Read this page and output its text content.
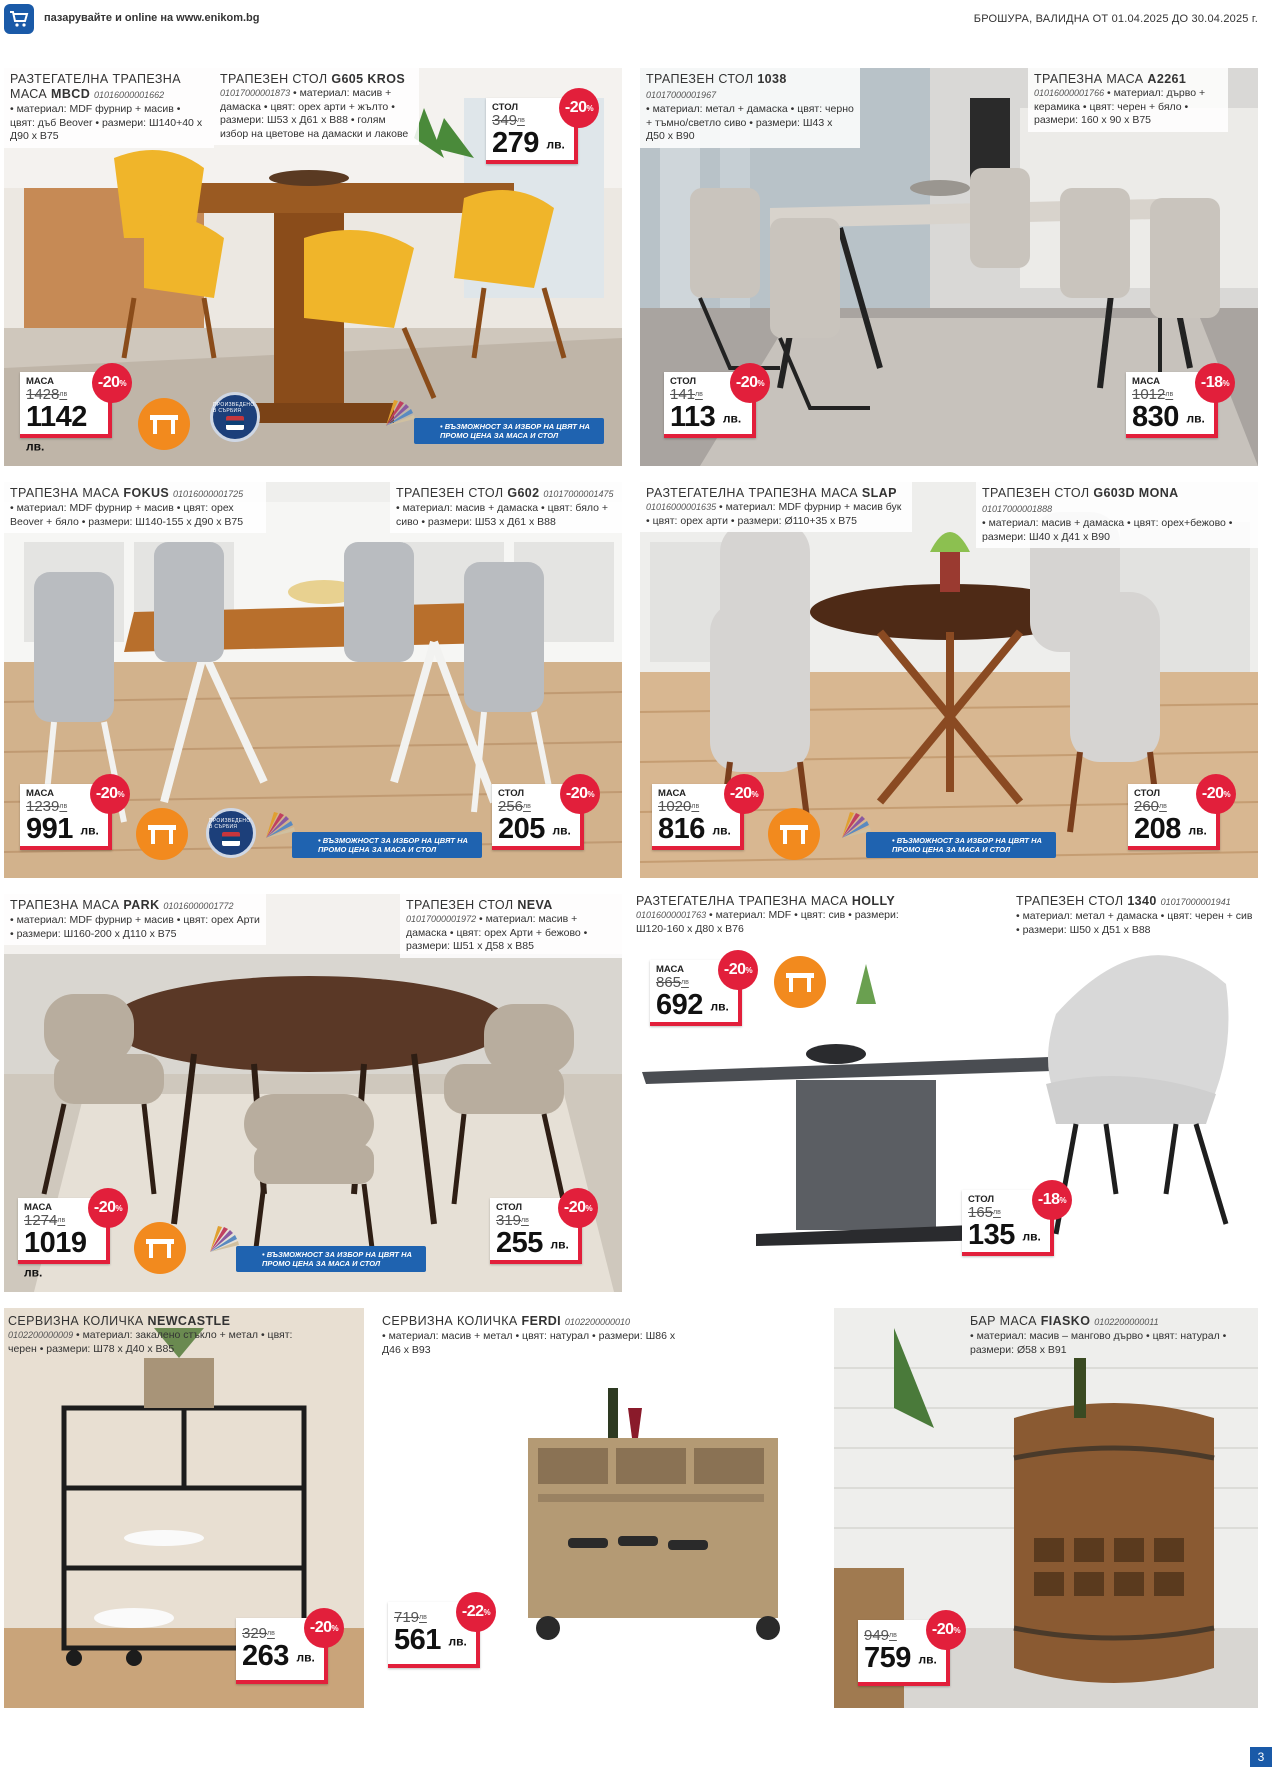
пазарувайте и online на www.enikom.bg	БРОШУРА, ВАЛИДНА ОТ 01.04.2025 ДО 30.04.2025 г.
РАЗТЕГАТЕЛНА ТРАПЕЗНА МАСА MBCD 01016000001662
• материал: MDF фурнир + масив • цвят: дъб Beover • размери: Ш140+40 х Д90 х В75
ТРАПЕЗЕН СТОЛ G605 KROS
01017000001873 • материал: масив + дамаска • цвят: орех арти + жълто • размери: Ш53 х Д61 х В88 • голям избор на цветове на дамаски и лакове
СТОЛ
$349^{лв}$
279 лв.
-20 %
МАСА
$1428^{лв}$
1142 лв.
-20 %
ПРОИЗВЕДЕНО В СЪРБИЯ
• ВЪЗМОЖНОСТ ЗА ИЗБОР НА ЦВЯТ НА ПРОМО ЦЕНА ЗА МАСА И СТОЛ
ТРАПЕЗЕН СТОЛ 1038 01017000001967
• материал: метал + дамаска • цвят: черно + тъмно/светло сиво • размери: Ш43 х Д50 х В90
ТРАПЕЗНА МАСА A2261
01016000001766 • материал: дърво + керамика • цвят: черен + бяло • размери: 160 х 90 х В75
СТОЛ
$141^{лв}$
113 лв.
-20 %	МАСА
$1012^{лв}$
830 лв.
-18 %
ТРАПЕЗНА МАСА FOKUS 01016000001725
• материал: MDF фурнир + масив • цвят: орех Beover + бяло • размери: Ш140-155 х Д90 х В75
ТРАПЕЗЕН СТОЛ G602 01017000001475
• материал: масив + дамаска • цвят: бяло + сиво • размери: Ш53 х Д61 х В88
МАСА
$1239^{лв}$
991 лв.
-20 %
ПРОИЗВЕДЕНО В СЪРБИЯ
• ВЪЗМОЖНОСТ ЗА ИЗБОР НА ЦВЯТ НА ПРОМО ЦЕНА ЗА МАСА И СТОЛ
СТОЛ
$256^{лв}$
205 лв.
-20 %
РАЗТЕГАТЕЛНА ТРАПЕЗНА МАСА SLAP
01016000001635 • материал: MDF фурнир + масив бук • цвят: орех арти • размери: Ø110+35 х В75
ТРАПЕЗЕН СТОЛ G603D MONA 01017000001888
• материал: масив + дамаска • цвят: орех+бежово • размери: Ш40 х Д41 х В90
МАСА
$1020^{лв}$
816 лв.
-20 %
• ВЪЗМОЖНОСТ ЗА ИЗБОР НА ЦВЯТ НА ПРОМО ЦЕНА ЗА МАСА И СТОЛ
СТОЛ
$260^{лв}$
208 лв.
-20 %
ТРАПЕЗНА МАСА PARK 01016000001772
• материал: MDF фурнир + масив • цвят: орех Арти • размери: Ш160-200 х Д110 х В75
ТРАПЕЗЕН СТОЛ NEVA
01017000001972 • материал: масив + дамаска • цвят: орех Арти + бежово • размери: Ш51 х Д58 х В85
МАСА
$1274^{лв}$
1019 лв.
-20 %
• ВЪЗМОЖНОСТ ЗА ИЗБОР НА ЦВЯТ НА ПРОМО ЦЕНА ЗА МАСА И СТОЛ
СТОЛ
$319^{лв}$
255 лв.
-20 %
РАЗТЕГАТЕЛНА ТРАПЕЗНА МАСА HOLLY
01016000001763 • материал: MDF • цвят: сив • размери: Ш120-160 х Д80 х В76
ТРАПЕЗЕН СТОЛ 1340 01017000001941
• материал: метал + дамаска • цвят: черен + сив • размери: Ш50 х Д51 х В88
МАСА
$865^{лв}$
692 лв.
-20 %
СТОЛ
$165^{лв}$
135 лв.
-18 %
СЕРВИЗНА КОЛИЧКА NEWCASTLE
0102200000009 • материал: закалено стъкло + метал • цвят: черен • размери: Ш78 х Д40 х В85
$329^{лв}$
263 лв.
-20 %
СЕРВИЗНА КОЛИЧКА FERDI 0102200000010
• материал: масив + метал • цвят: натурал • размери: Ш86 х Д46 х В93
$719^{лв}$
561 лв.
-22 %
БАР МАСА FIASKO 0102200000011
• материал: масив – манговo дърво • цвят: натурал • размери: Ø58 х В91
$949^{лв}$
759 лв.
-20 %
3
